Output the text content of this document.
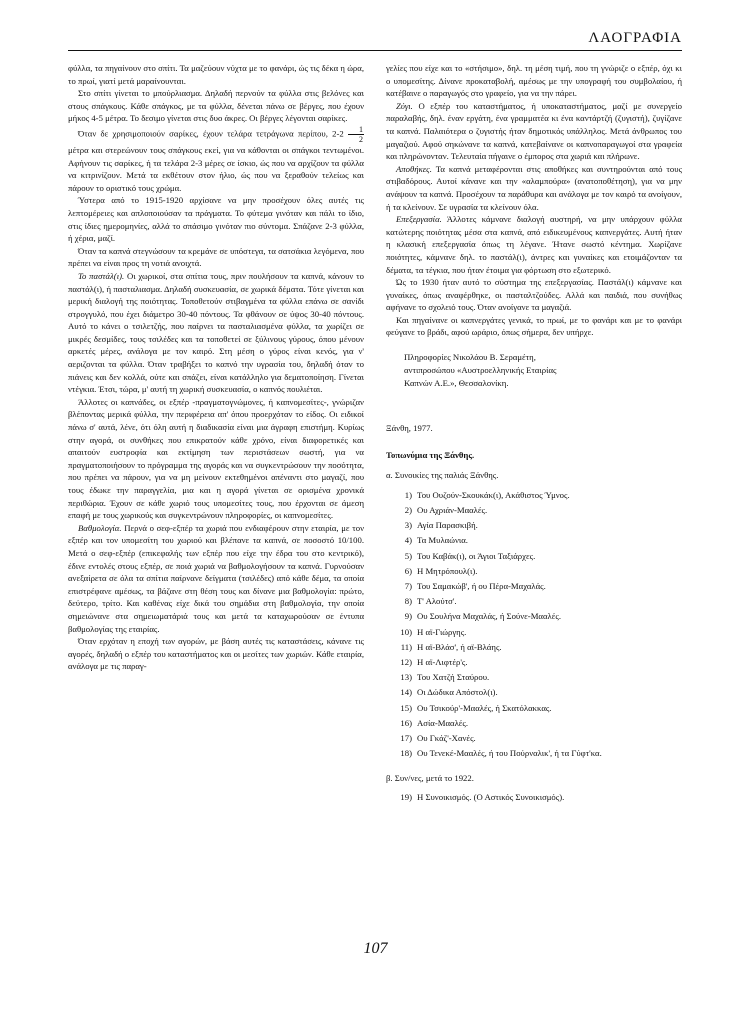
ΛΑΟΓΡΑΦΙΑ

φύλλα, τα πηγαίνουν στο σπίτι. Τα μαζεύουν νύχτα με το φανάρι, ώς τις δέκα η ώρα, το πρωί, γιατί μετά μαραίνουνται.

Στο σπίτι γίνεται το μπούρλιασμα. Δηλαδή περνούν τα φύλλα στις βελόνες και στους σπάγκους. Κάθε σπάγκος, με τα φύλλα, δένεται πάνω σε βέργες, που έχουν μήκος 4-5 μέτρα. Το δεσιμο γίνεται στις δυο άκρες. Οι βέργες λέγονται σαρίκες.

Όταν δε χρησιμοποιούν σαρίκες, έχουν τελάρα τετράγωνα περίπου, $2-2 \frac{1}{2}$
μέτρα και στερεώνουν τους σπάγκους εκεί, για να κάθονται οι σπάγκοι τεντωμένοι. Αφήνουν τις σαρίκες, ή τα τελάρα 2-3 μέρες σε ίσκιο, ώς που να αρχίζουν τα φύλλα να κιτρινίζουν. Μετά τα εκθέτουν στον ήλιο, ώς που να ξεραθούν τελείως και πάρουν το οριστικό τους χρώμα.

Ύστερα από το 1915-1920 αρχίσανε να μην προσέχουν όλες αυτές τις λεπτομέρειες και απλοποιούσαν τα πράγματα. Το φύτεμα γινόταν και πάλι το ίδιο, στις ίδιες ημερομηνίες, αλλά το σπάσιμο γινόταν πιο σύντομα. Σπάζανε 2-3 φύλλα, ή χέρια, μαζί.

Όταν τα καπνά στεγνώσουν τα κρεμάνε σε υπόστεγα, τα σατσάκια λεγόμενα, που πρέπει να είναι προς τη νοτιά ανοιχτά.

Το παστάλ(ι). Οι χωρικοί, στα σπίτια τους, πριν πουλήσουν τα καπνά, κάνουν το παστάλ(ι), ή πασταλιασμα. Δηλαδή συσκευασία, σε χωρικά δέματα. Τότε γίνεται και μερική διαλογή της ποιότητας. Τοποθετούν στιβαγμένα τα φύλλα επάνω σε σανίδι στρογγυλό, που έχει διάμετρο 30-40 πόντους. Τα φθάνουν σε ύψος 30-40 πόντους. Αυτό το κάνει ο τσιλετζής, που παίρνει τα πασταλιασμένα φύλλα, τα χωρίζει σε μικρές δεσμίδες, τους τσιλέδες και τα τοποθετεί σε ξύλινους γύρους, όπου μένουν αρκετές μέρες, ανάλογα με τον καιρό. Στη μέση ο γύρος είναι κενός, για ν' αεριζονται τα φύλλα. Όταν τραβήξει το καπνό την υγρασία του, δηλαδή όταν το πιάνεις και δεν κολλά, ούτε και σπάζει, είναι κατάλληλο για δεματοποίηση. Γίνεται ντέγκια. Έτσι, τώρα, μ' αυτή τη χωρική συσκευασία, ο καπνός πουλιέται.

Άλλοτες οι καπνάδες, οι εξπέρ -πραγματογνώμονες, ή καπνομεσίτες-, γνώριζαν βλέποντας μερικά φύλλα, την περιφέρεια απ' όπου προερχόταν το είδος. Οι ειδικοί πάνω σ' αυτά, λένε, ότι όλη αυτή η διαδικασία είναι μια άγραφη επιστήμη. Κυρίως στην αγορά, οι συνθήκες που επικρατούν κάθε χρόνο, είναι διαφορετικές και απαιτούν ευστροφία και εκτίμηση των περιστάσεων σωστή, για να πραγματοποιήσουν το πρόγραμμα της αγοράς και να συγκεντρώσουν την ποσότητα, που πρέπει να πάρουν, για να μη μείνουν εκτεθημένοι απέναντι στο μαγαζί, που τους έδωκε την παραγγελία, μια και η αγορά γίνεται σε ορισμένα χρονικά περιθώρια. Έχουν σε κάθε χωριό τους υπομεσίτες τους, που έρχονται σε άμεση επαφή με τους χωρικούς και συγκεντρώνουν πληροφορίες, οι καπνομεσίτες.

Βαθμολογία. Περνά ο σεφ-εξπέρ τα χωριά που ενδιαφέρουν στην εταιρία, με τον εξπέρ και τον υπομεσίτη του χωριού και βλέπανε τα καπνά, σε ποσοστό 10/100. Μετά ο σεφ-εξπέρ (επικεφαλής των εξπέρ που είχε την έδρα του στο κεντρικό), έδινε εντολές στους εξπέρ, σε ποιά χωριά να βαθμολογήσουν τα καπνά. Γυρνούσαν ανεξαίρετα σε όλα τα σπίτια παίρνανε δείγματα (τσιλέδες) από κάθε δέμα, τα οποία επιστρέφανε αμέσως, τα βάζανε στη θέση τους και δίνανε μια βαθμολογία: πρώτο, δεύτερο, τρίτο. Και καθένας είχε δικά του σημάδια στη βαθμολογία, την οποία σημειώνανε στα σημειωματάριά τους και μετά τα καταχωρούσαν σε έντυπα βαθμολογίας της εταιρίας.

Όταν ερχόταν η εποχή των αγορών, με βάση αυτές τις καταστάσεις, κάνανε τις αγορές, δηλαδή ο εξπέρ του καταστήματος και οι μεσίτες των χωριών. Κάθε εταιρία, ανάλογα με τις παραγ-

γελίες που είχε και το «στήσιμο», δηλ. τη μέση τιμή, που τη γνώριζε ο εξπέρ, όχι κι ο υπομεσίτης. Δίνανε προκαταβολή, αμέσως με την υπογραφή του συμβολαίου, ή κατέβαινε ο παραγωγός στο γραφείο, για να την πάρει.

Ζύγι. Ο εξπέρ του καταστήματος, ή υποκαταστήματος, μαζί με συνεργείο παραλαβής, δηλ. έναν εργάτη, ένα γραμματέα κι ένα καντάρτζή (ζυγιστή), ζυγίζανε τα καπνά. Παλαιότερα ο ζυγιστής ήταν δημοτικός υπάλληλος. Μετά άνθρωπος του μαγαζιού. Αφού σηκώνανε τα καπνά, κατεβαίνανε οι καπνοπαραγωγοί στα γραφεία και πληρώνονταν. Τελευταία πήγαινε ο έμπορος στα χωριά και πλήρωνε.

Αποθήκες. Τα καπνά μεταφέρονται στις αποθήκες και συντηρούνται από τους στιβαδόρους. Αυτοί κάνανε και την «αλαμπούρα» (ανατοποθέτηση), για να μην ανάψουν τα καπνά. Προσέχουν τα παράθυρα και ανάλογα με τον καιρό τα ανοίγουν, ή τα κλείνουν. Σε υγρασία τα κλείνουν όλα.

Επεξεργασία. Άλλοτες κάμνανε διαλογή αυστηρή, να μην υπάρχουν φύλλα κατώτερης ποιότητας μέσα στα καπνά, από ειδικευμένους καπνεργάτες. Αυτή ήταν η κλασική επεξεργασία όπως τη λέγανε. Ήτανε σωστό κέντημα. Χωρίζανε ποιότητες, κάμνανε δηλ. το παστάλ(ι), άντρες και γυναίκες και ετοιμάζονταν τα δέματα, τα τέγκια, που ήταν έτοιμα για φόρτωση στο εξωτερικό.

Ώς το 1930 ήταν αυτό το σύστημα της επεξεργασίας. Παστάλ(ι) κάμνανε και γυναίκες, όπως αναφέρθηκε, οι πασταλτζούδες. Αλλά και παιδιά, που συνήθως αφήνανε το σχολειό τους. Όταν ανοίγανε τα μαγαζιά.

Και πηγαίνανε οι καπνεργάτες γενικά, το πρωί, με το φανάρι και με το φανάρι φεύγανε το βράδι, αφού ωράριο, όπως σήμερα, δεν υπήρχε.

Πληροφορίες Νικολάου Β. Σεραμέτη,
αντιπροσώπου «Αυστροελληνικής Εταιρίας
Καπνών Α.Ε.», Θεσσαλονίκη.
Ξάνθη, 1977.
Τοπωνύμια της Ξάνθης.
α. Συνοικίες της παλιάς Ξάνθης.
1) Του Ουζούν-Σκουκάκ(ι), Ακάθιστος Ύμνος.
2) Ου Αχριάν-Μααλές.
3) Αγία Παρασκιβή.
4) Τα Μυλαώνια.
5) Του Καβάκ(ι), οι Άγιοι Ταξιάρχες.
6) Η Μητρόπουλ(ι).
7) Του Σαμακώβ', ή ου Πέρα-Μαχαλάς.
8) Τ' Αλούτσ'.
9) Ου Σουλήνα Μαχαλάς, ή Σούνε-Μααλές.
10) Η αϊ-Γιώργης.
11) Η αϊ-Βλάσ', ή αϊ-Βλάης.
12) Η αϊ-Λιφτέρ'ς.
13) Του Χατζή Σταύρου.
14) Οι Δώδικα Απόστολ(ι).
15) Ου Τσικούρ'-Μααλές, ή Σκατόλακκας.
16) Ασία-Μααλές.
17) Ου Γκάζ'-Χανές.
18) Ου Τενεκέ-Μααλές, ή του Πούρναλικ', ή τα Γύφτ'κα.
β. Συν/νες, μετά το 1922.
19) Η Συνοικισμός. (Ο Αστικός Συνοικισμός).
107
